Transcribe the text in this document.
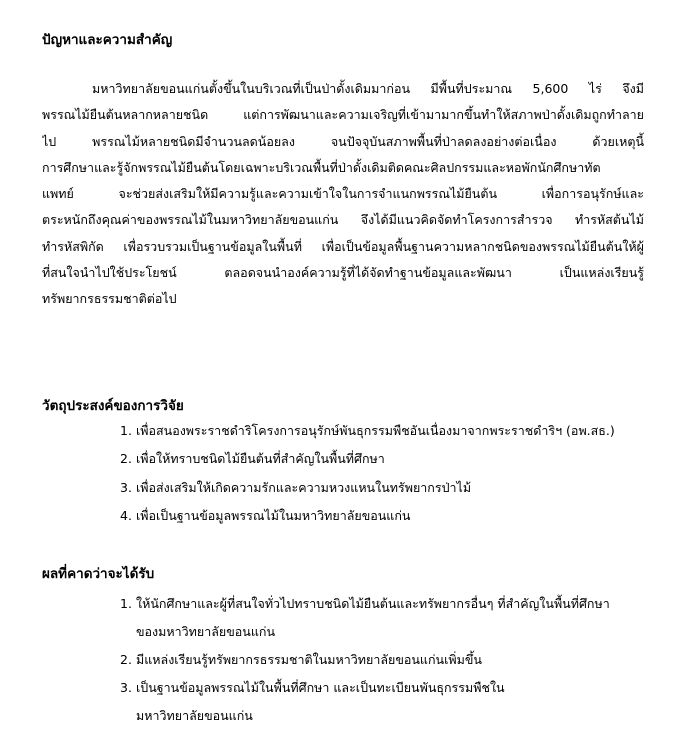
ปัญหาและความสำคัญ
มหาวิทยาลัยขอนแก่นตั้งขึ้นในบริเวณที่เป็นป่าดั้งเดิมมาก่อน มีพื้นที่ประมาณ 5,600 ไร่ จึงมี
พรรณไม้ยืนต้นหลากหลายชนิด แต่การพัฒนาและความเจริญที่เข้ามามากขึ้นทำให้สภาพป่าดั้งเดิมถูกทำลาย
ไป พรรณไม้หลายชนิดมีจำนวนลดน้อยลง จนปัจจุบันสภาพพื้นที่ป่าลดลงอย่างต่อเนื่อง ด้วยเหตุนี้
การศึกษาและรู้จักพรรณไม้ยืนต้นโดยเฉพาะบริเวณพื้นที่ป่าดั้งเดิมติดคณะศิลปกรรมและหอพักนักศึกษาทัต
แพทย์ จะช่วยส่งเสริมให้มีความรู้และความเข้าใจในการจำแนกพรรณไม้ยืนต้น เพื่อการอนุรักษ์และ
ตระหนักถึงคุณค่าของพรรณไม้ในมหาวิทยาลัยขอนแก่น จึงได้มีแนวคิดจัดทำโครงการสำรวจ ทำรหัสต้นไม้
ทำรหัสพิกัด เพื่อรวบรวมเป็นฐานข้อมูลในพื้นที่ เพื่อเป็นข้อมูลพื้นฐานความหลากชนิดของพรรณไม้ยืนต้นให้ผู้
ที่สนใจนำไปใช้ประโยชน์ ตลอดจนนำองค์ความรู้ที่ได้จัดทำฐานข้อมูลและพัฒนา เป็นแหล่งเรียนรู้
ทรัพยากรธรรมชาติต่อไป
วัตถุประสงค์ของการวิจัย
1. เพื่อสนองพระราชดำริโครงการอนุรักษ์พันธุกรรมพืชอันเนื่องมาจากพระราชดำริฯ (อพ.สธ.)
2. เพื่อให้ทราบชนิดไม้ยืนต้นที่สำคัญในพื้นที่ศึกษา
3. เพื่อส่งเสริมให้เกิดความรักและความหวงแหนในทรัพยากรป่าไม้
4. เพื่อเป็นฐานข้อมูลพรรณไม้ในมหาวิทยาลัยขอนแก่น
ผลที่คาดว่าจะได้รับ
1. ให้นักศึกษาและผู้ที่สนใจทั่วไปทราบชนิดไม้ยืนต้นและทรัพยากรอื่นๆ ที่สำคัญในพื้นที่ศึกษา
ของมหาวิทยาลัยขอนแก่น
2. มีแหล่งเรียนรู้ทรัพยากรธรรมชาติในมหาวิทยาลัยขอนแก่นเพิ่มขึ้น
3. เป็นฐานข้อมูลพรรณไม้ในพื้นที่ศึกษา และเป็นทะเบียนพันธุกรรมพืชใน
มหาวิทยาลัยขอนแก่น
